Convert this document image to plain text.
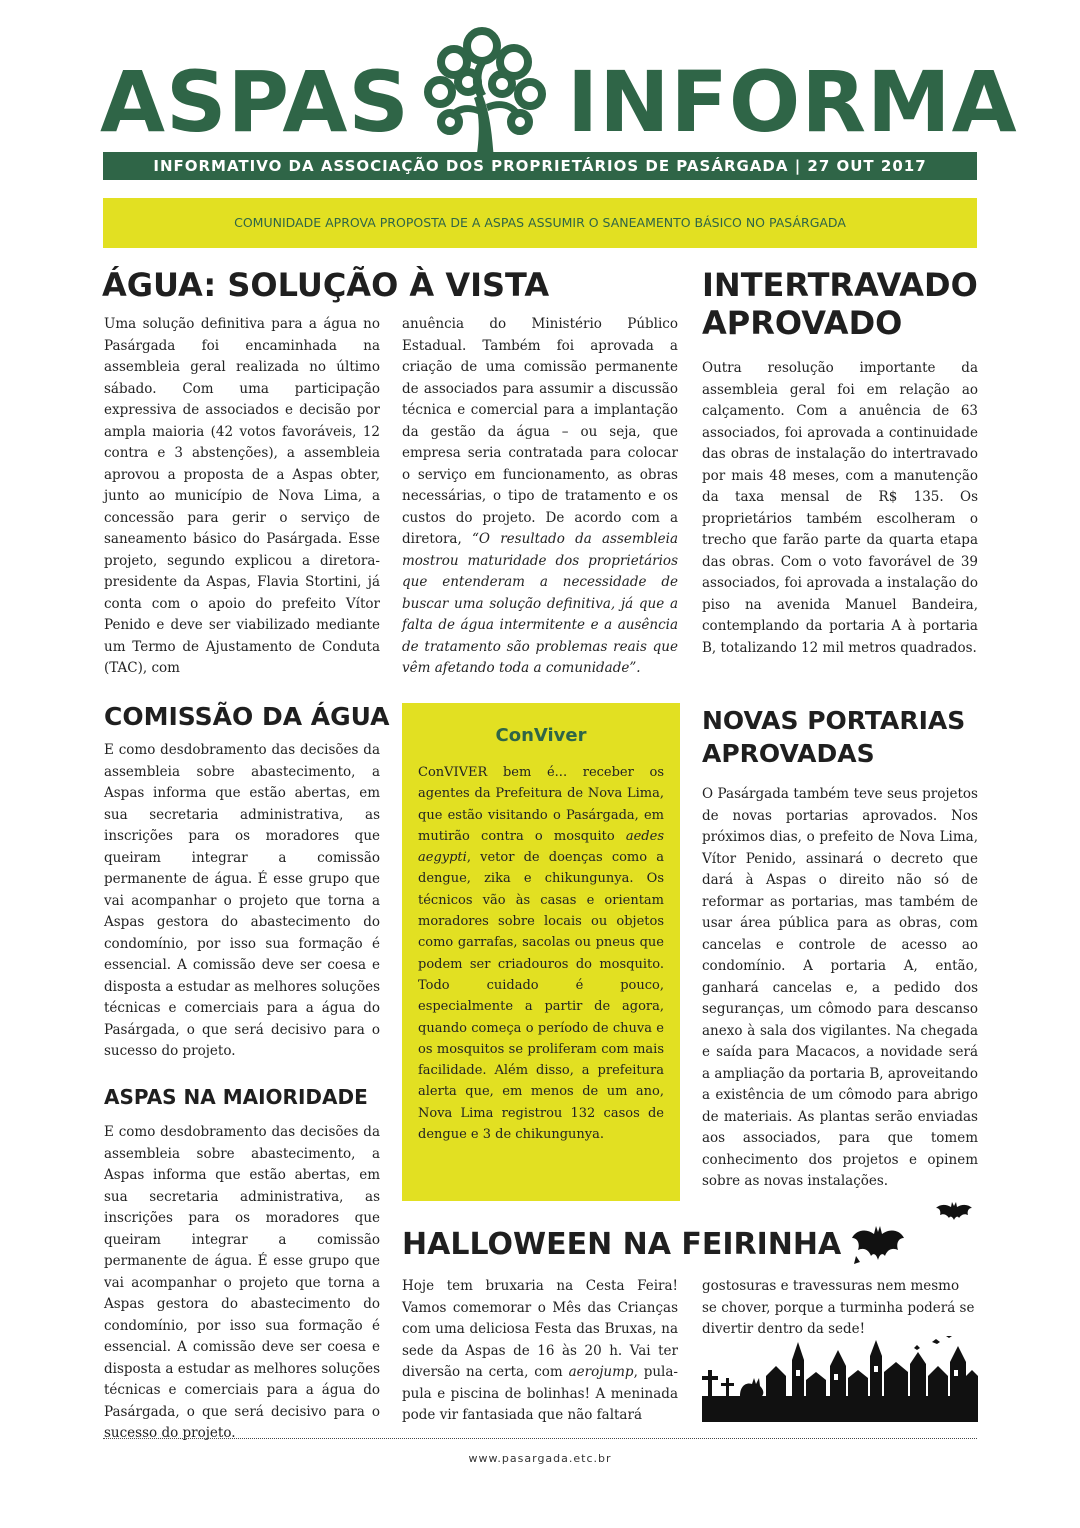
ASPAS INFORMA
INFORMATIVO DA ASSOCIAÇÃO DOS PROPRIETÁRIOS DE PASÁRGADA | 27 OUT 2017
COMUNIDADE APROVA PROPOSTA DE A ASPAS ASSUMIR O SANEAMENTO BÁSICO NO PASÁRGADA
ÁGUA: SOLUÇÃO À VISTA

Uma solução definitiva para a água no Pasárgada foi encaminhada na assembleia geral realizada no último sábado. Com uma participação expressiva de associados e decisão por ampla maioria (42 votos favoráveis, 12 contra e 3 abstenções), a assembleia aprovou a proposta de a Aspas obter, junto ao município de Nova Lima, a concessão para gerir o serviço de saneamento básico do Pasárgada. Esse projeto, segundo explicou a diretora-presidente da Aspas, Flavia Stortini, já conta com o apoio do prefeito Vítor Penido e deve ser viabilizado mediante um Termo de Ajustamento de Conduta (TAC), com

anuência do Ministério Público Estadual. Também foi aprovada a criação de uma comissão permanente de associados para assumir a discussão técnica e comercial para a implantação da gestão da água – ou seja, que empresa seria contratada para colocar o serviço em funcionamento, as obras necessárias, o tipo de tratamento e os custos do projeto. De acordo com a diretora, “O resultado da assembleia mostrou maturidade dos proprietários que entenderam a necessidade de buscar uma solução definitiva, já que a falta de água intermitente e a ausência de tratamento são problemas reais que vêm afetando toda a comunidade”.

INTERTRAVADO
APROVADO

Outra resolução importante da assembleia geral foi em relação ao calçamento. Com a anuência de 63 associados, foi aprovada a continuidade das obras de instalação do intertravado por mais 48 meses, com a manutenção da taxa mensal de R$ 135. Os proprietários também escolheram o trecho que farão parte da quarta etapa das obras. Com o voto favorável de 39 associados, foi aprovada a instalação do piso na avenida Manuel Bandeira, contemplando da portaria A à portaria B, totalizando 12 mil metros quadrados.

COMISSÃO DA ÁGUA

E como desdobramento das decisões da assembleia sobre abastecimento, a Aspas informa que estão abertas, em sua secretaria administrativa, as inscrições para os moradores que queiram integrar a comissão permanente de água. É esse grupo que vai acompanhar o projeto que torna a Aspas gestora do abastecimento do condomínio, por isso sua formação é essencial. A comissão deve ser coesa e disposta a estudar as melhores soluções técnicas e comerciais para a água do Pasárgada, o que será decisivo para o sucesso do projeto.

ASPAS NA MAIORIDADE

E como desdobramento das decisões da assembleia sobre abastecimento, a Aspas informa que estão abertas, em sua secretaria administrativa, as inscrições para os moradores que queiram integrar a comissão permanente de água. É esse grupo que vai acompanhar o projeto que torna a Aspas gestora do abastecimento do condomínio, por isso sua formação é essencial. A comissão deve ser coesa e disposta a estudar as melhores soluções técnicas e comerciais para a água do Pasárgada, o que será decisivo para o sucesso do projeto.

ConViver

ConVIVER bem é... receber os agentes da Prefeitura de Nova Lima, que estão visitando o Pasárgada, em mutirão contra o mosquito aedes aegypti, vetor de doenças como a dengue, zika e chikungunya. Os técnicos vão às casas e orientam moradores sobre locais ou objetos como garrafas, sacolas ou pneus que podem ser criadouros do mosquito. Todo cuidado é pouco, especialmente a partir de agora, quando começa o período de chuva e os mosquitos se proliferam com mais facilidade. Além disso, a prefeitura alerta que, em menos de um ano, Nova Lima registrou 132 casos de dengue e 3 de chikungunya.

NOVAS PORTARIAS
APROVADAS

O Pasárgada também teve seus projetos de novas portarias aprovados. Nos próximos dias, o prefeito de Nova Lima, Vítor Penido, assinará o decreto que dará à Aspas o direito não só de reformar as portarias, mas também de usar área pública para as obras, com cancelas e controle de acesso ao condomínio. A portaria A, então, ganhará cancelas e, a pedido dos seguranças, um cômodo para descanso anexo à sala dos vigilantes. Na chegada e saída para Macacos, a novidade será a ampliação da portaria B, aproveitando a existência de um cômodo para abrigo de materiais. As plantas serão enviadas aos associados, para que tomem conhecimento dos projetos e opinem sobre as novas instalações.

HALLOWEEN NA FEIRINHA

Hoje tem bruxaria na Cesta Feira! Vamos comemorar o Mês das Crianças com uma deliciosa Festa das Bruxas, na sede da Aspas de 16 às 20 h. Vai ter diversão na certa, com aerojump, pula-pula e piscina de bolinhas! A meninada pode vir fantasiada que não faltará

gostosuras e travessuras nem mesmo se chover, porque a turminha poderá se divertir dentro da sede!

www.pasargada.etc.br
